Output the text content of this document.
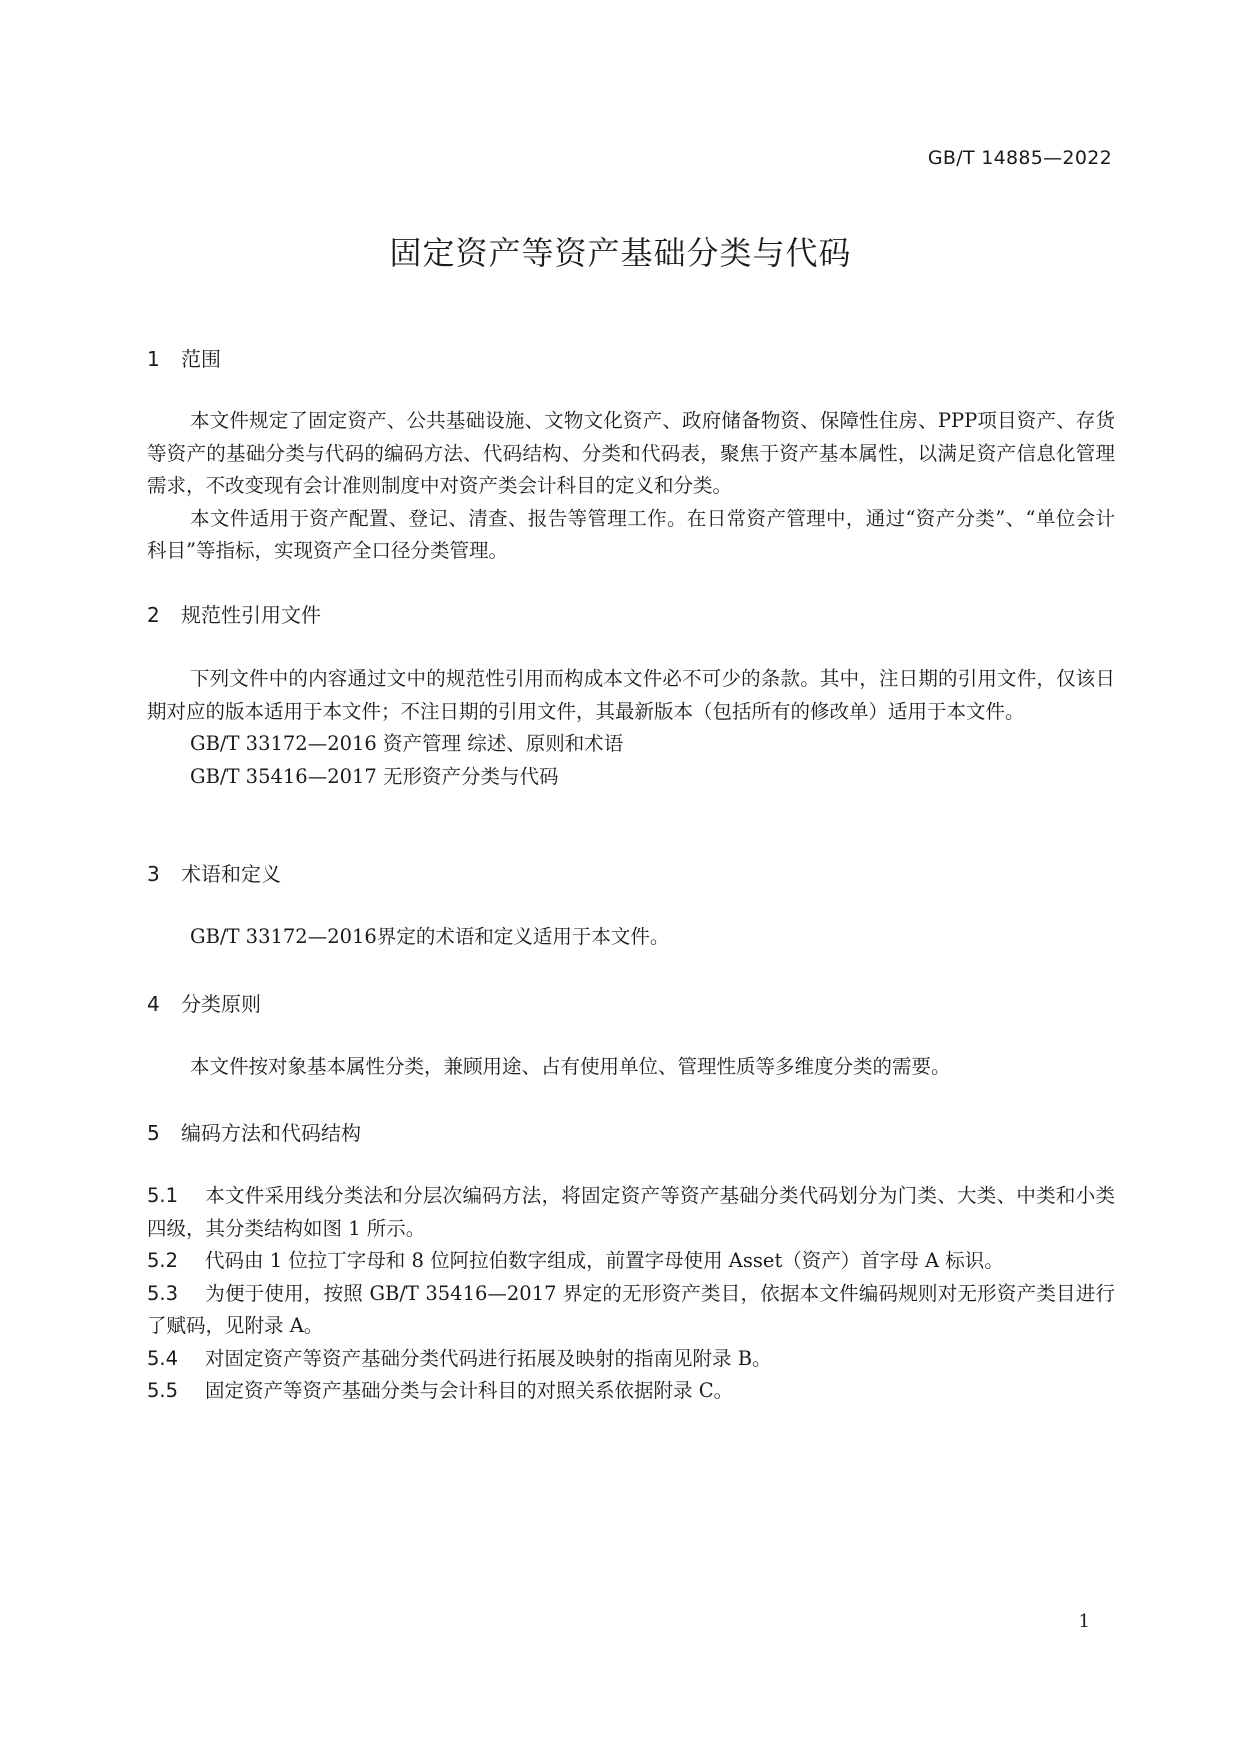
GB/T 14885—2022
固定资产等资产基础分类与代码
1 范围

本文件规定了固定资产、公共基础设施、文物文化资产、政府储备物资、保障性住房、PPP项目资产、存货等资产的基础分类与代码的编码方法、代码结构、分类和代码表，聚焦于资产基本属性，以满足资产信息化管理需求，不改变现有会计准则制度中对资产类会计科目的定义和分类。

本文件适用于资产配置、登记、清查、报告等管理工作。在日常资产管理中，通过“资产分类”、“单位会计科目”等指标，实现资产全口径分类管理。

2 规范性引用文件

下列文件中的内容通过文中的规范性引用而构成本文件必不可少的条款。其中，注日期的引用文件，仅该日期对应的版本适用于本文件；不注日期的引用文件，其最新版本（包括所有的修改单）适用于本文件。

GB/T 33172—2016 资产管理 综述、原则和术语

GB/T 35416—2017 无形资产分类与代码

3 术语和定义

GB/T 33172—2016界定的术语和定义适用于本文件。

4 分类原则

本文件按对象基本属性分类，兼顾用途、占有使用单位、管理性质等多维度分类的需要。

5 编码方法和代码结构

5.1 本文件采用线分类法和分层次编码方法，将固定资产等资产基础分类代码划分为门类、大类、中类和小类四级，其分类结构如图 1 所示。

5.2 代码由 1 位拉丁字母和 8 位阿拉伯数字组成，前置字母使用 Asset（资产）首字母 A 标识。

5.3 为便于使用，按照 GB/T 35416—2017 界定的无形资产类目，依据本文件编码规则对无形资产类目进行了赋码，见附录 A。

5.4 对固定资产等资产基础分类代码进行拓展及映射的指南见附录 B。

5.5 固定资产等资产基础分类与会计科目的对照关系依据附录 C。

1
